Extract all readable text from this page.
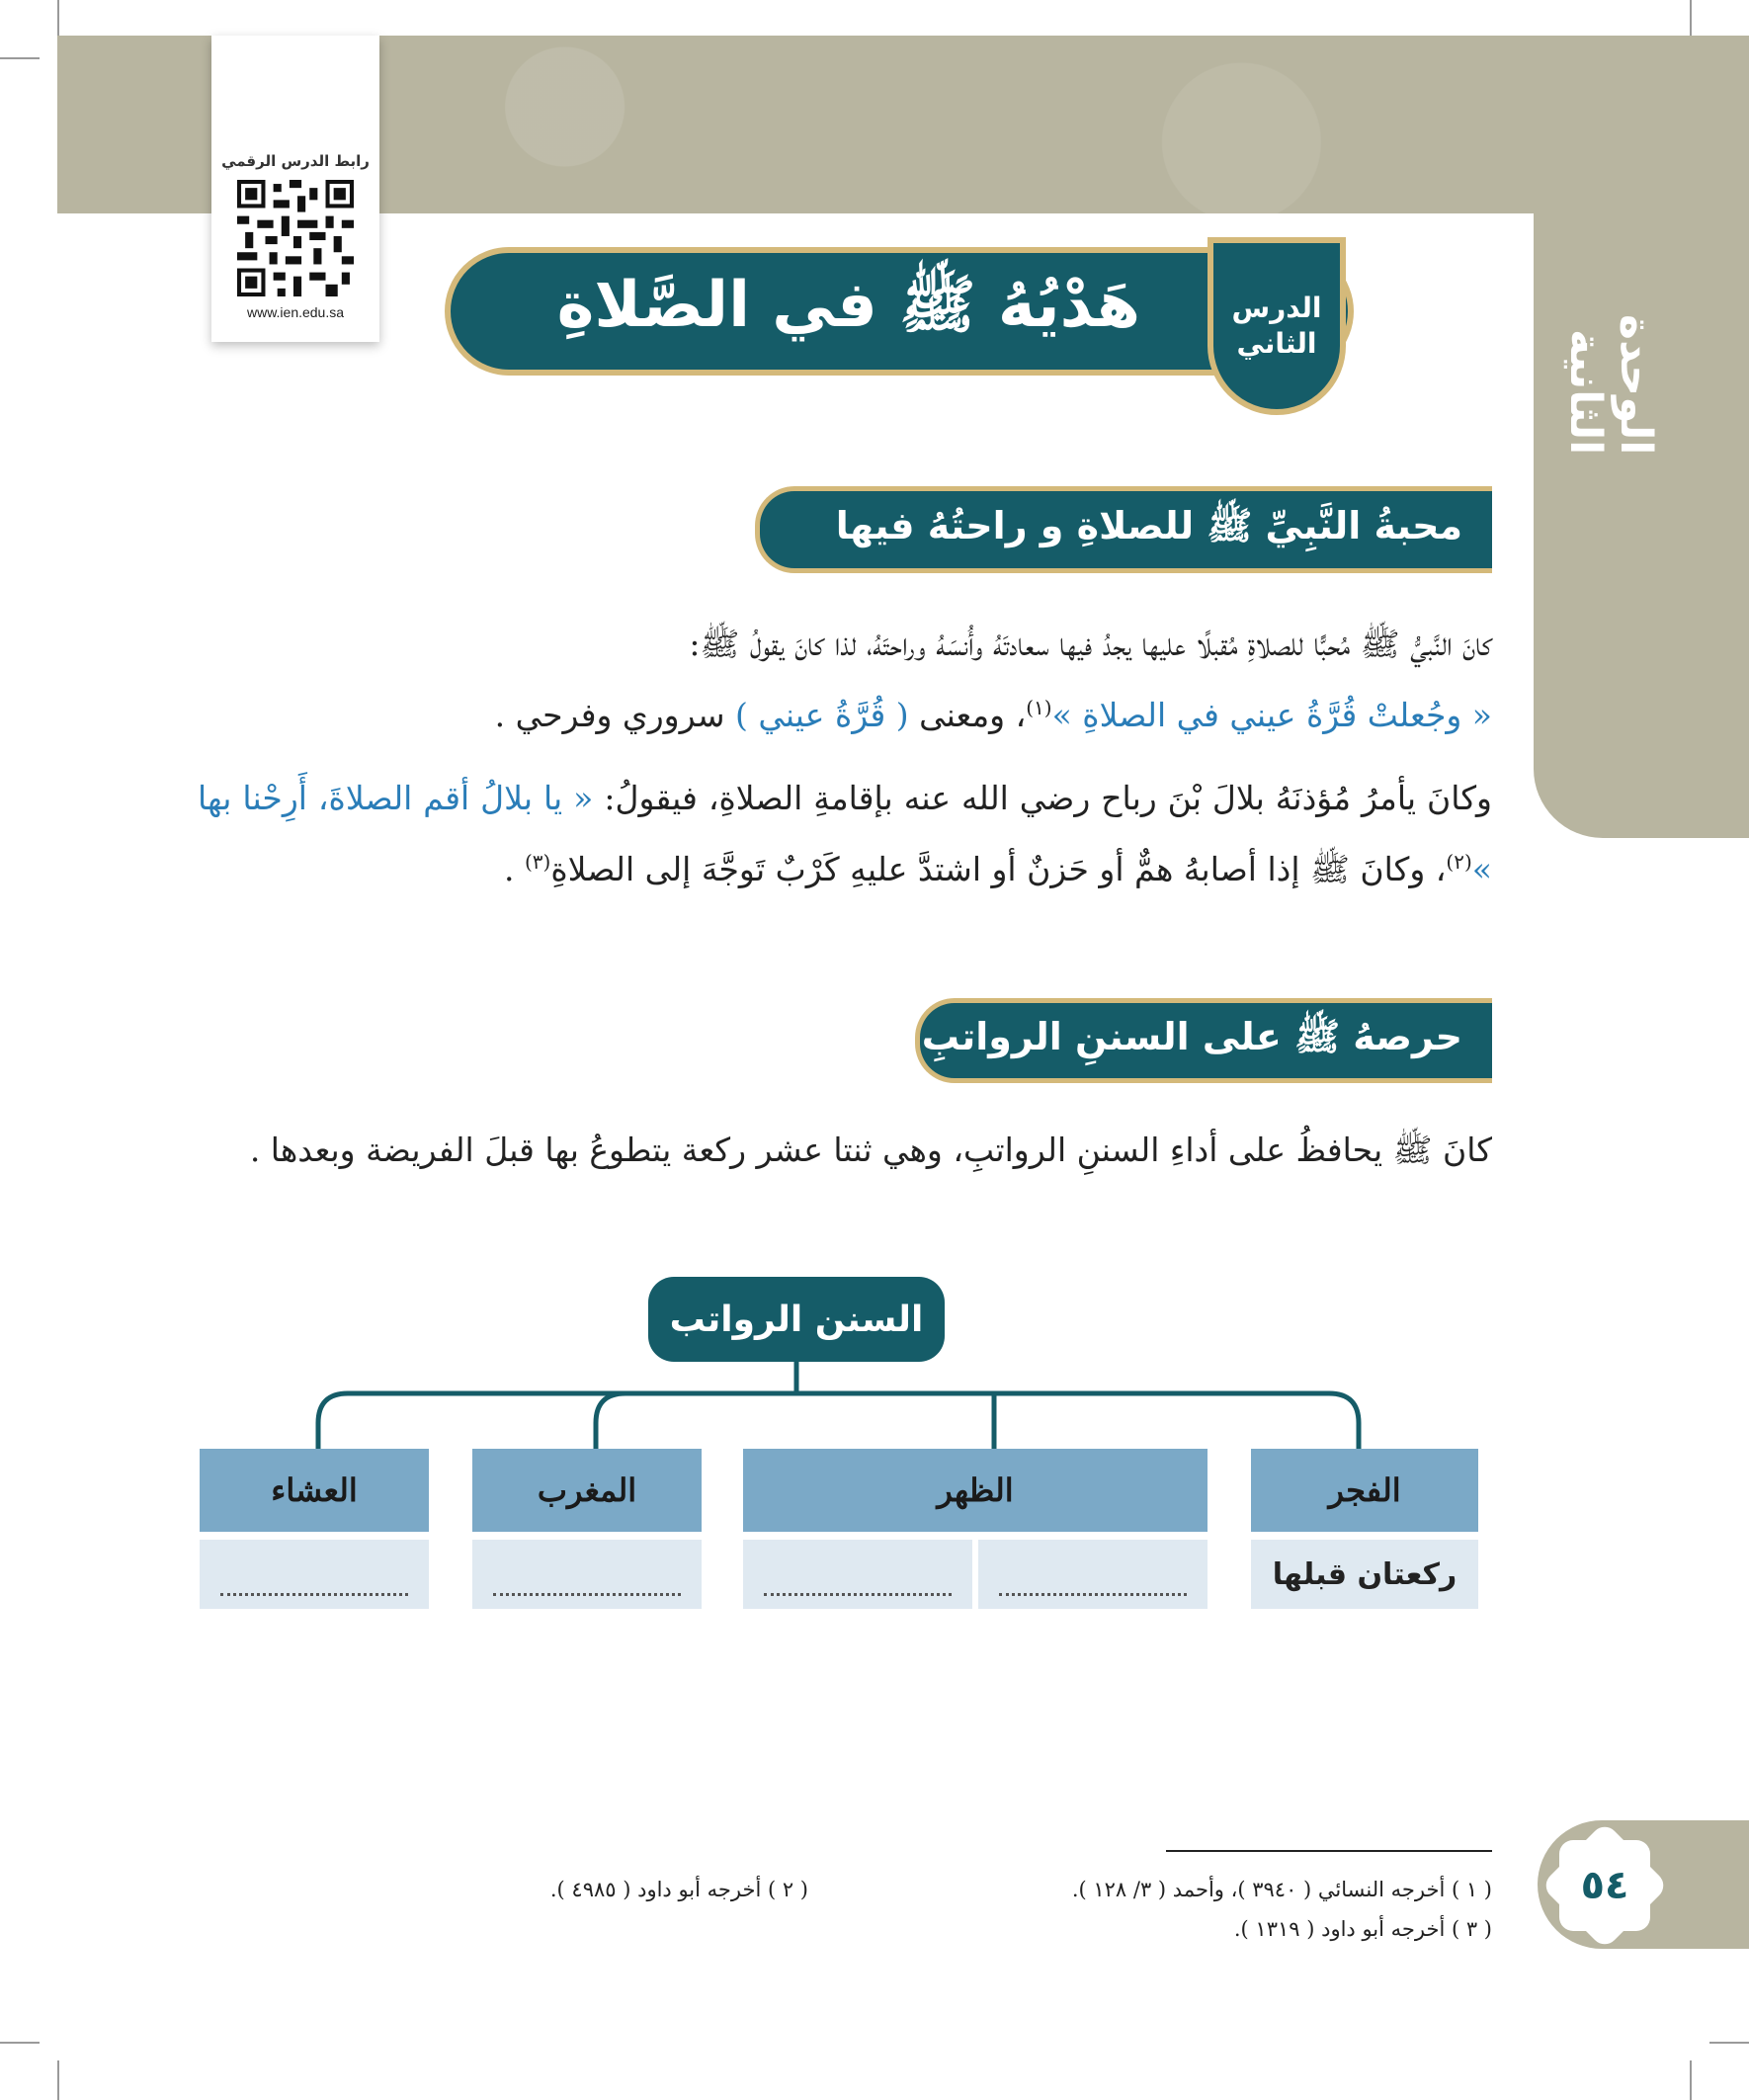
الوحدة الثانية
رابط الدرس الرقمي
www.ien.edu.sa	هَدْيُهُ ﷺ في الصَّلاةِ	الدرس
الثاني
محبةُ النَّبِيِّ ﷺ للصلاةِ و راحتُهُ فيها
كانَ النَّبيُّ ﷺ مُحبًّا للصلاةِ مُقبلًا عليها يجدُ فيها سعادتَهُ وأُنسَهُ وراحتَهُ، لذا كانَ يقولُ ﷺ:
« وجُعلتْ قُرَّةُ عيني في الصلاةِ »$^{(١)}$، ومعنى ( قُرَّةُ عيني ) سروري وفرحي .
وكانَ يأمرُ مُؤذنَهُ بلالَ بْنَ رباح رضي الله عنه بإقامةِ الصلاةِ، فيقولُ: « يا بلالُ أقم الصلاةَ، أَرِحْنا بها »$^{(٢)}$، وكانَ ﷺ إذا أصابهُ همٌّ أو حَزنٌ أو اشتدَّ عليهِ كَرْبٌ تَوجَّهَ إلى الصلاةِ$^{(٣)}$ .
حرصهُ ﷺ على السننِ الرواتبِ
كانَ ﷺ يحافظُ على أداءِ السننِ الرواتبِ، وهي ثنتا عشر ركعة يتطوعُ بها قبلَ الفريضة وبعدها .
السنن الرواتب
الفجر
الظهر
المغرب
العشاء
ركعتان قبلها
( ١ ) أخرجه النسائي ( ٣٩٤٠ )، وأحمد ( ٣/ ١٢٨ ).
( ٢ ) أخرجه أبو داود ( ٤٩٨٥ ).
( ٣ ) أخرجه أبو داود ( ١٣١٩ ).
٥٤
